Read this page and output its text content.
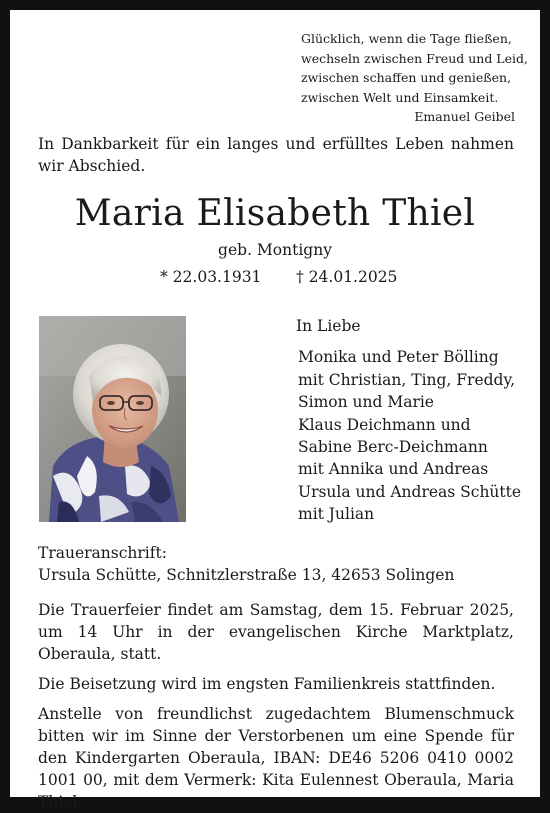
Glücklich, wenn die Tage fließen,
wechseln zwischen Freud und Leid,
zwischen schaffen und genießen,
zwischen Welt und Einsamkeit.
Emanuel Geibel
In Dankbarkeit für ein langes und erfülltes Leben nahmen wir Abschied.
Maria Elisabeth Thiel
geb. Montigny
* 22.03.1931 † 24.01.2025
In Liebe
Monika und Peter Bölling
mit Christian, Ting, Freddy,
Simon und Marie
Klaus Deichmann und
Sabine Berc-Deichmann
mit Annika und Andreas
Ursula und Andreas Schütte
mit Julian
Traueranschrift:
Ursula Schütte, Schnitzlerstraße 13, 42653 Solingen

Die Trauerfeier findet am Samstag, dem 15. Februar 2025, um 14 Uhr in der evangelischen Kirche Marktplatz, Oberaula, statt.

Die Beisetzung wird im engsten Familienkreis stattfinden.

Anstelle von freundlichst zugedachtem Blumenschmuck bitten wir im Sinne der Verstorbenen um eine Spende für den Kindergarten Oberaula, IBAN: DE46 5206 0410 0002 1001 00, mit dem Vermerk: Kita Eulennest Oberaula, Maria Thiel.
